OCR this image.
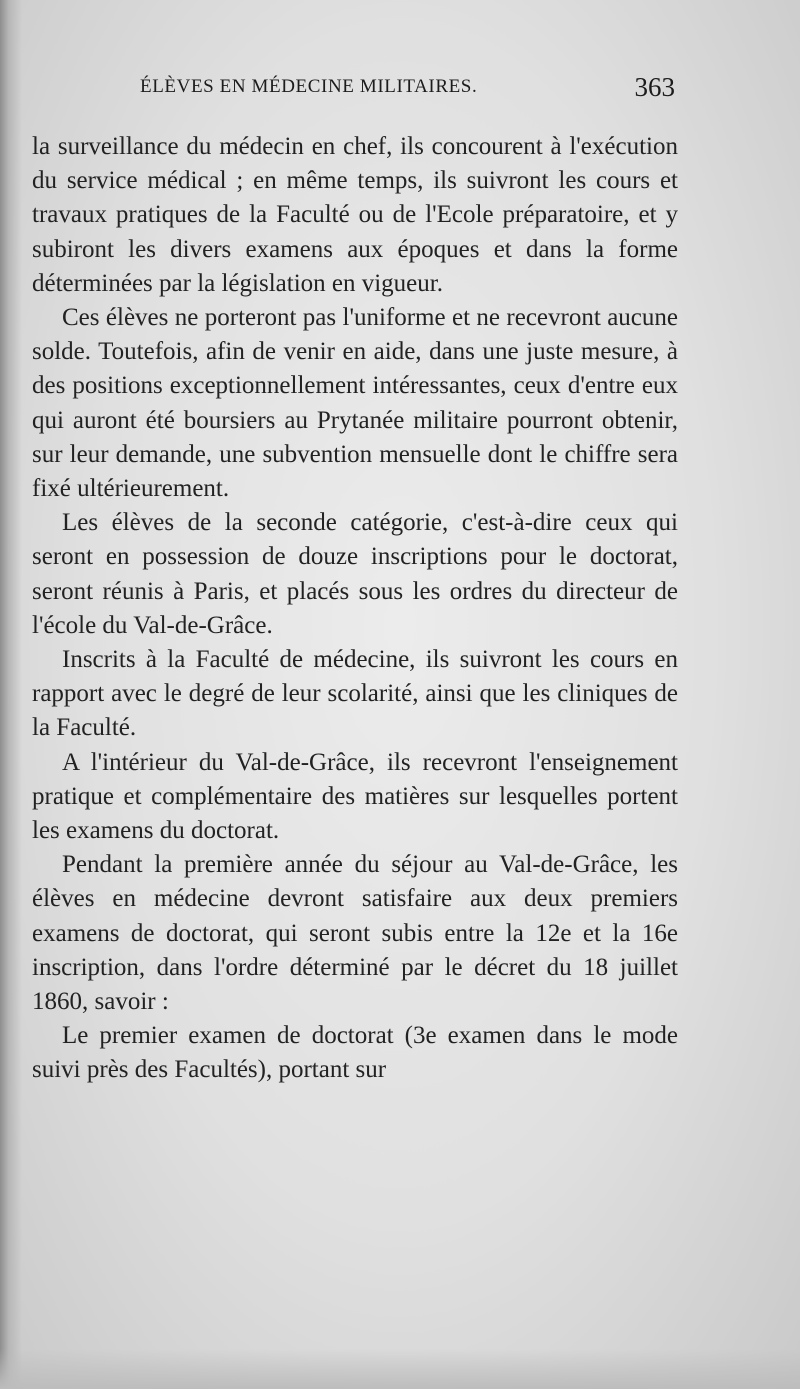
ÉLÈVES EN MÉDECINE MILITAIRES.	363

la surveillance du médecin en chef, ils concourent à l'exécution du service médical ; en même temps, ils suivront les cours et travaux pratiques de la Faculté ou de l'Ecole préparatoire, et y subiront les divers examens aux époques et dans la forme déterminées par la législation en vigueur.

Ces élèves ne porteront pas l'uniforme et ne recevront aucune solde. Toutefois, afin de venir en aide, dans une juste mesure, à des positions exceptionnellement intéressantes, ceux d'entre eux qui auront été boursiers au Prytanée militaire pourront obtenir, sur leur demande, une subvention mensuelle dont le chiffre sera fixé ultérieurement.

Les élèves de la seconde catégorie, c'est-à-dire ceux qui seront en possession de douze inscriptions pour le doctorat, seront réunis à Paris, et placés sous les ordres du directeur de l'école du Val-de-Grâce.

Inscrits à la Faculté de médecine, ils suivront les cours en rapport avec le degré de leur scolarité, ainsi que les cliniques de la Faculté.

A l'intérieur du Val-de-Grâce, ils recevront l'enseignement pratique et complémentaire des matières sur lesquelles portent les examens du doctorat.

Pendant la première année du séjour au Val-de-Grâce, les élèves en médecine devront satisfaire aux deux premiers examens de doctorat, qui seront subis entre la 12e et la 16e inscription, dans l'ordre déterminé par le décret du 18 juillet 1860, savoir :

Le premier examen de doctorat (3e examen dans le mode suivi près des Facultés), portant sur
